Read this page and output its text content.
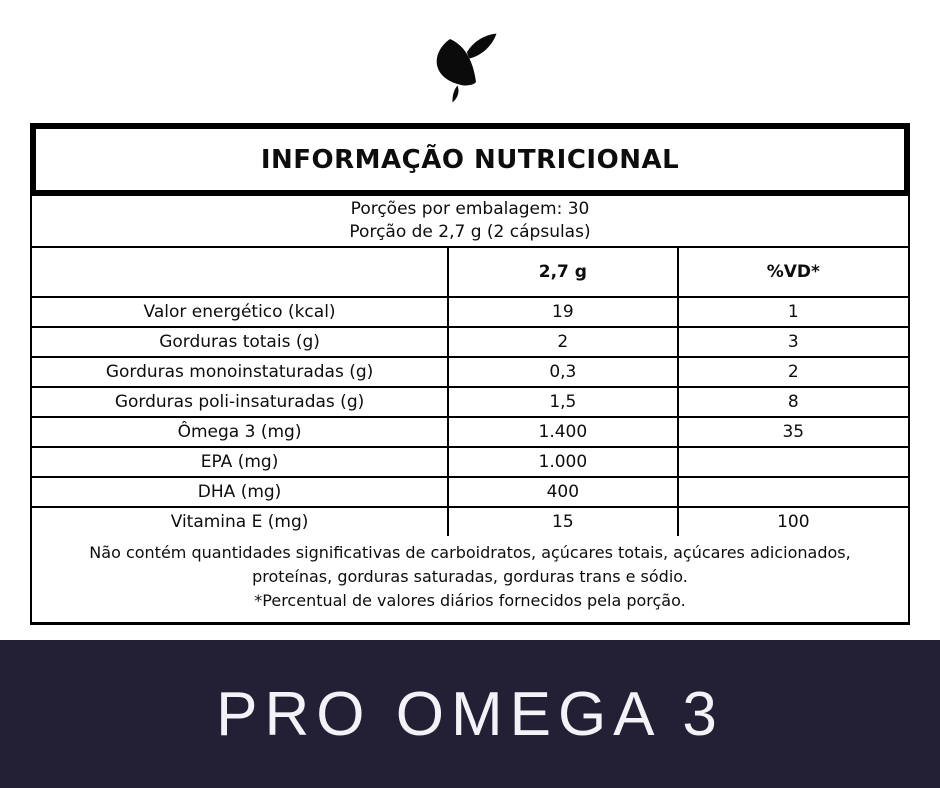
INFORMAÇÃO NUTRICIONAL
Porções por embalagem: 30
Porção de 2,7 g (2 cápsulas)
	2,7 g	%VD*
Valor energético (kcal)	19	1
Gorduras totais (g)	2	3
Gorduras monoinstaturadas (g)	0,3	2
Gorduras poli-insaturadas (g)	1,5	8
Ômega 3 (mg)	1.400	35
EPA (mg)	1.000	
DHA (mg)	400	
Vitamina E (mg)	15	100
Não contém quantidades significativas de carboidratos, açúcares totais, açúcares adicionados,
proteínas, gorduras saturadas, gorduras trans e sódio.
*Percentual de valores diários fornecidos pela porção.
PRO OMEGA 3
